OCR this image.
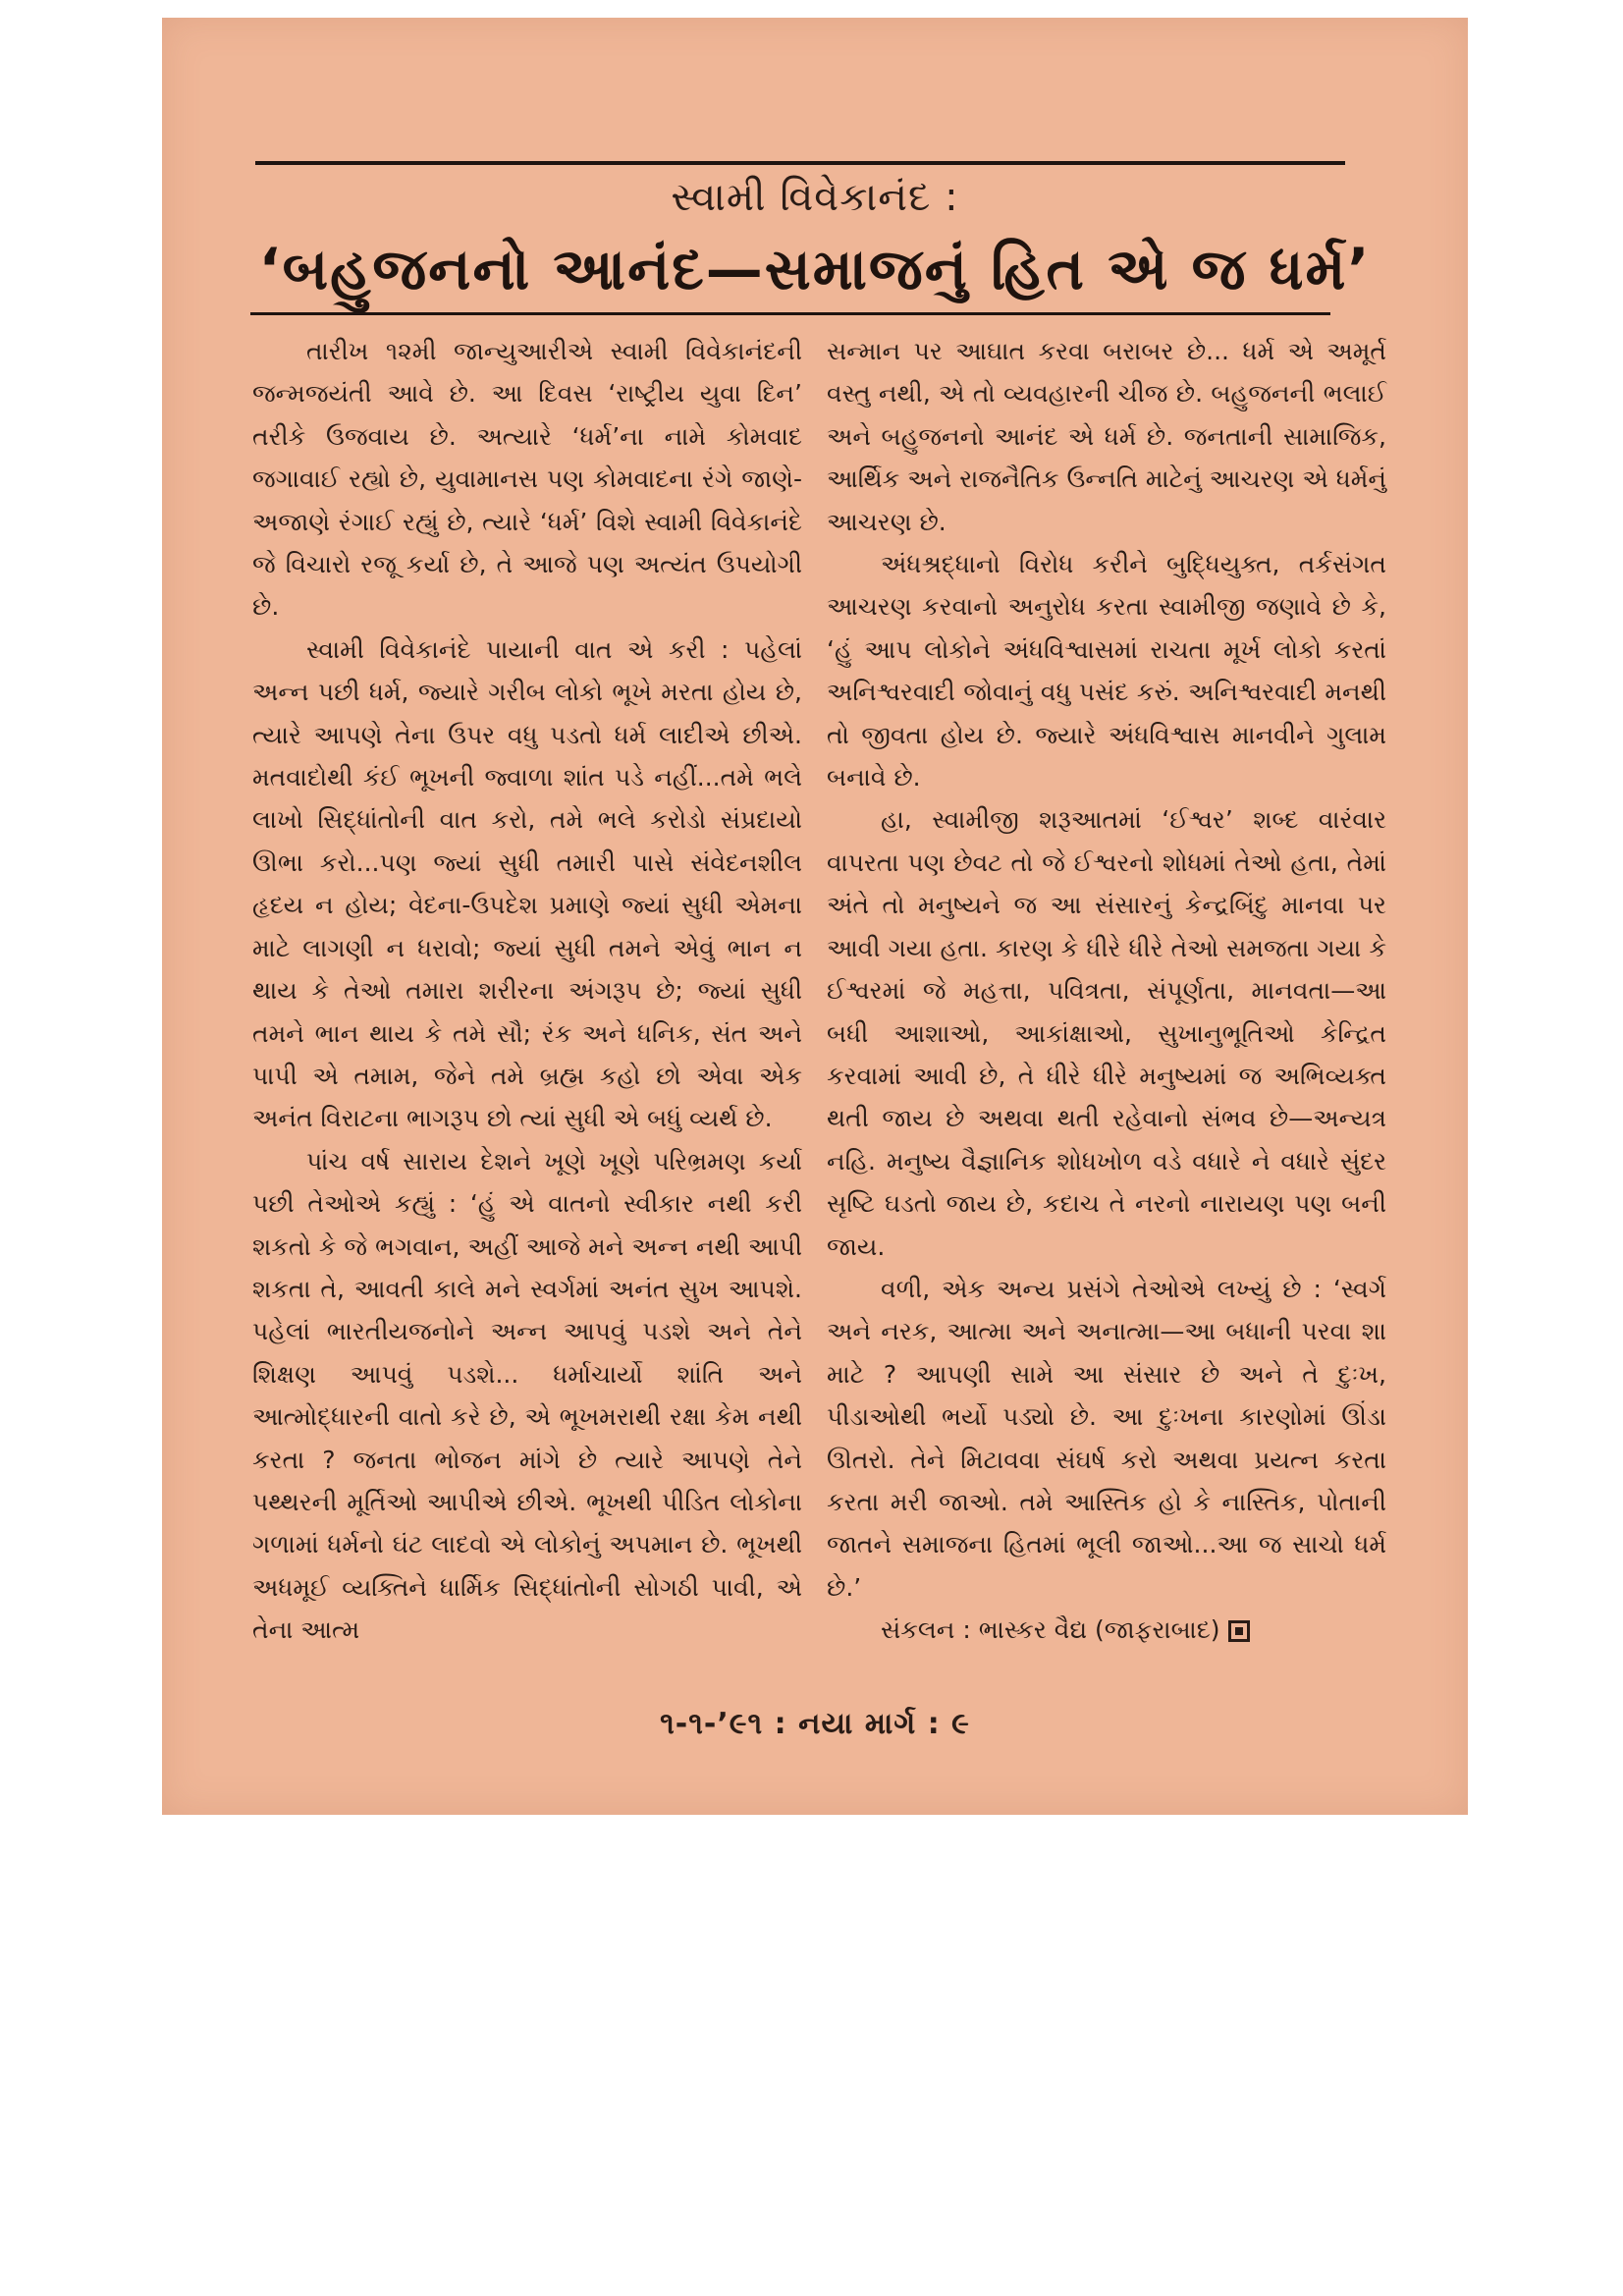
સ્વામી વિવેકાનંદ :
‘બહુજનનો આનંદ—સમાજનું હિત એ જ ધર્મ’

તારીખ ૧૨મી જાન્યુઆરીએ સ્વામી વિવેકાનંદની જન્મજયંતી આવે છે. આ દિવસ ‘રાષ્ટ્રીય યુવા દિન’ તરીકે ઉજવાય છે. અત્યારે ‘ધર્મ’ના નામે કોમવાદ જગાવાઈ રહ્યો છે, યુવામાનસ પણ કોમવાદના રંગે જાણે-અજાણે રંગાઈ રહ્યું છે, ત્યારે ‘ધર્મ’ વિશે સ્વામી વિવેકાનંદે જે વિચારો રજૂ કર્યા છે, તે આજે પણ અત્યંત ઉપયોગી છે.

સ્વામી વિવેકાનંદે પાયાની વાત એ કરી : પહેલાં અન્ન પછી ધર્મ, જ્યારે ગરીબ લોકો ભૂખે મરતા હોય છે, ત્યારે આપણે તેના ઉપર વધુ પડતો ધર્મ લાદીએ છીએ. મતવાદોથી કંઈ ભૂખની જ્વાળા શાંત પડે નહીં...તમે ભલે લાખો સિદ્ધાંતોની વાત કરો, તમે ભલે કરોડો સંપ્રદાયો ઊભા કરો...પણ જ્યાં સુધી તમારી પાસે સંવેદનશીલ હૃદય ન હોય; વેદના-ઉપદેશ પ્રમાણે જ્યાં સુધી એમના માટે લાગણી ન ધરાવો; જ્યાં સુધી તમને એવું ભાન ન થાય કે તેઓ તમારા શરીરના અંગરૂપ છે; જ્યાં સુધી તમને ભાન થાય કે તમે સૌ; રંક અને ધનિક, સંત અને પાપી એ તમામ, જેને તમે બ્રહ્મ કહો છો એવા એક અનંત વિરાટના ભાગરૂપ છો ત્યાં સુધી એ બધું વ્યર્થ છે.

પાંચ વર્ષ સારાય દેશને ખૂણે ખૂણે પરિભ્રમણ કર્યા પછી તેઓએ કહ્યું : ‘હું એ વાતનો સ્વીકાર નથી કરી શકતો કે જે ભગવાન, અહીં આજે મને અન્ન નથી આપી શકતા તે, આવતી કાલે મને સ્વર્ગમાં અનંત સુખ આપશે. પહેલાં ભારતીયજનોને અન્ન આપવું પડશે અને તેને શિક્ષણ આપવું પડશે... ધર્માચાર્યો શાંતિ અને આત્મોદ્ધારની વાતો કરે છે, એ ભૂખમરાથી રક્ષા કેમ નથી કરતા ? જનતા ભોજન માંગે છે ત્યારે આપણે તેને પથ્થરની મૂર્તિઓ આપીએ છીએ. ભૂખથી પીડિત લોકોના ગળામાં ધર્મનો ઘંટ લાદવો એ લોકોનું અપમાન છે. ભૂખથી અધમૂઈ વ્યક્તિને ધાર્મિક સિદ્ધાંતોની સોગઠી પાવી, એ તેના આત્મ

સન્માન પર આઘાત કરવા બરાબર છે... ધર્મ એ અમૂર્ત વસ્તુ નથી, એ તો વ્યવહારની ચીજ છે. બહુજનની ભલાઈ અને બહુજનનો આનંદ એ ધર્મ છે. જનતાની સામાજિક, આર્થિક અને રાજનૈતિક ઉન્નતિ માટેનું આચરણ એ ધર્મનું આચરણ છે.

અંધશ્રદ્ધાનો વિરોધ કરીને બુદ્ધિયુક્ત, તર્કસંગત આચરણ કરવાનો અનુરોધ કરતા સ્વામીજી જણાવે છે કે, ‘હું આપ લોકોને અંધવિશ્વાસમાં રાચતા મૂર્ખ લોકો કરતાં અનિશ્વરવાદી જોવાનું વધુ પસંદ કરું. અનિશ્વરવાદી મનથી તો જીવતા હોય છે. જ્યારે અંધવિશ્વાસ માનવીને ગુલામ બનાવે છે.

હા, સ્વામીજી શરૂઆતમાં ‘ઈશ્વર’ શબ્દ વારંવાર વાપરતા પણ છેવટ તો જે ઈશ્વરનો શોધમાં તેઓ હતા, તેમાં અંતે તો મનુષ્યને જ આ સંસારનું કેન્દ્રબિંદુ માનવા પર આવી ગયા હતા. કારણ કે ધીરે ધીરે તેઓ સમજતા ગયા કે ઈશ્વરમાં જે મહત્તા, પવિત્રતા, સંપૂર્ણતા, માનવતા—આ બધી આશાઓ, આકાંક્ષાઓ, સુખાનુભૂતિઓ કેન્દ્રિત કરવામાં આવી છે, તે ધીરે ધીરે મનુષ્યમાં જ અભિવ્યક્ત થતી જાય છે અથવા થતી રહેવાનો સંભવ છે—અન્યત્ર નહિ. મનુષ્ય વૈજ્ઞાનિક શોધખોળ વડે વધારે ને વધારે સુંદર સૃષ્ટિ ઘડતો જાય છે, કદાચ તે નરનો નારાયણ પણ બની જાય.

વળી, એક અન્ય પ્રસંગે તેઓએ લખ્યું છે : ‘સ્વર્ગ અને નરક, આત્મા અને અનાત્મા—આ બધાની પરવા શા માટે ? આપણી સામે આ સંસાર છે અને તે દુઃખ, પીડાઓથી ભર્યો પડ્યો છે. આ દુઃખના કારણોમાં ઊંડા ઊતરો. તેને મિટાવવા સંઘર્ષ કરો અથવા પ્રયત્ન કરતા કરતા મરી જાઓ. તમે આસ્તિક હો કે નાસ્તિક, પોતાની જાતને સમાજના હિતમાં ભૂલી જાઓ...આ જ સાચો ધર્મ છે.’

સંકલન : ભાસ્કર વૈદ્ય (જાફરાબાદ)

૧-૧-’૯૧ : નયા માર્ગ : ૯
